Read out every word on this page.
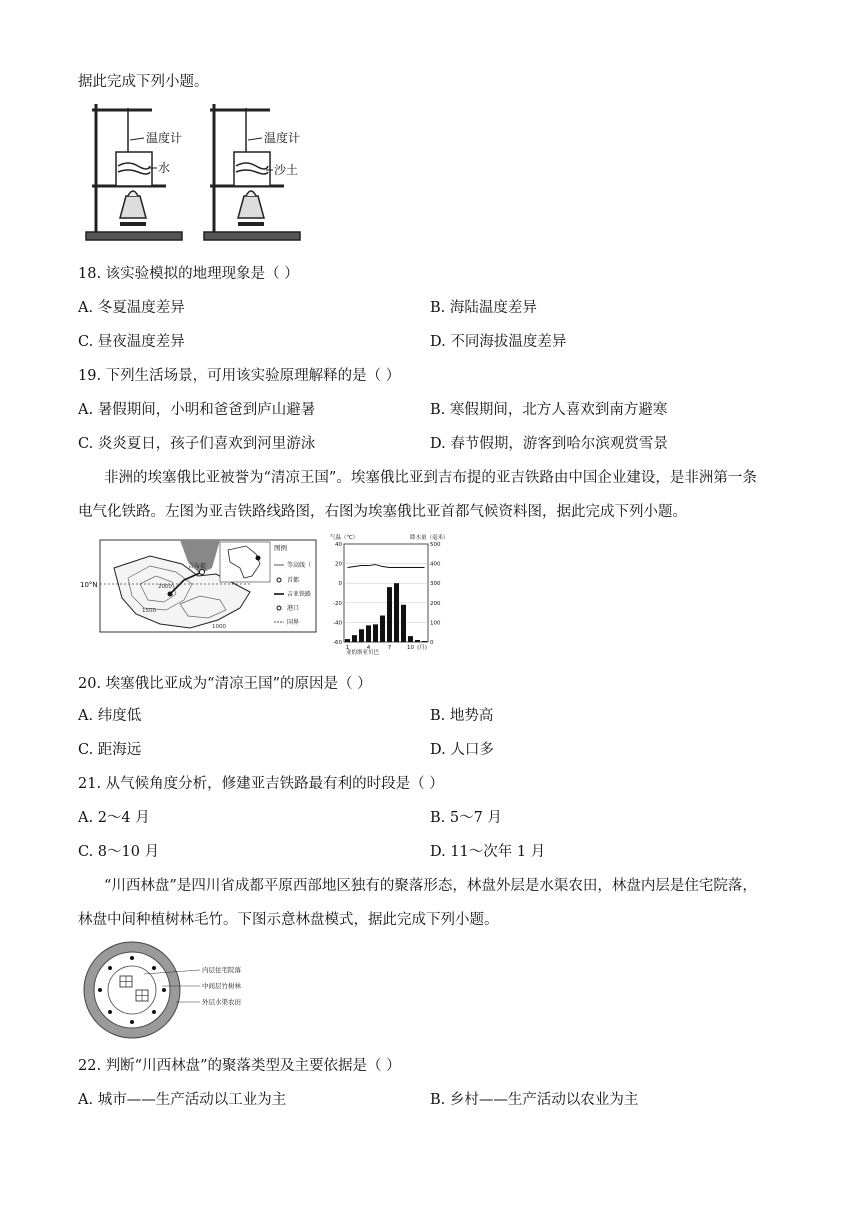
据此完成下列小题。
温度计
水
温度计
沙土
18. 该实验模拟的地理现象是（ ）
A. 冬夏温度差异	B. 海陆温度差异
C. 昼夜温度差异	D. 不同海拔温度差异
19. 下列生活场景，可用该实验原理解释的是（ ）
A. 暑假期间，小明和爸爸到庐山避暑	B. 寒假期间，北方人喜欢到南方避寒
C. 炎炎夏日，孩子们喜欢到河里游泳	D. 春节假期，游客到哈尔滨观赏雪景
非洲的埃塞俄比亚被誉为“清凉王国”。埃塞俄比亚到吉布提的亚吉铁路由中国企业建设，是非洲第一条
电气化铁路。左图为亚吉铁路线路图，右图为埃塞俄比亚首都气候资料图，据此完成下列小题。
10°N
吉布提
1500
2000
1000
图例
等高线（
首都
吉亚铁路
港口
国界
气温（℃）	降水量（毫米）
40
20
0
-20
-40
-60
500
400
300
200
100
0
1	4	7	10 (月)
亚的斯亚贝巴
20. 埃塞俄比亚成为“清凉王国”的原因是（ ）
A. 纬度低	B. 地势高
C. 距海远	D. 人口多
21. 从气候角度分析，修建亚吉铁路最有利的时段是（ ）
A. 2～4 月	B. 5～7 月
C. 8～10 月	D. 11～次年 1 月
“川西林盘”是四川省成都平原西部地区独有的聚落形态，林盘外层是水渠农田，林盘内层是住宅院落，
林盘中间种植树林毛竹。下图示意林盘模式，据此完成下列小题。
内层住宅院落
中间层竹树林
外层水渠农田
22. 判断“川西林盘”的聚落类型及主要依据是（ ）
A. 城市——生产活动以工业为主	B. 乡村——生产活动以农业为主
